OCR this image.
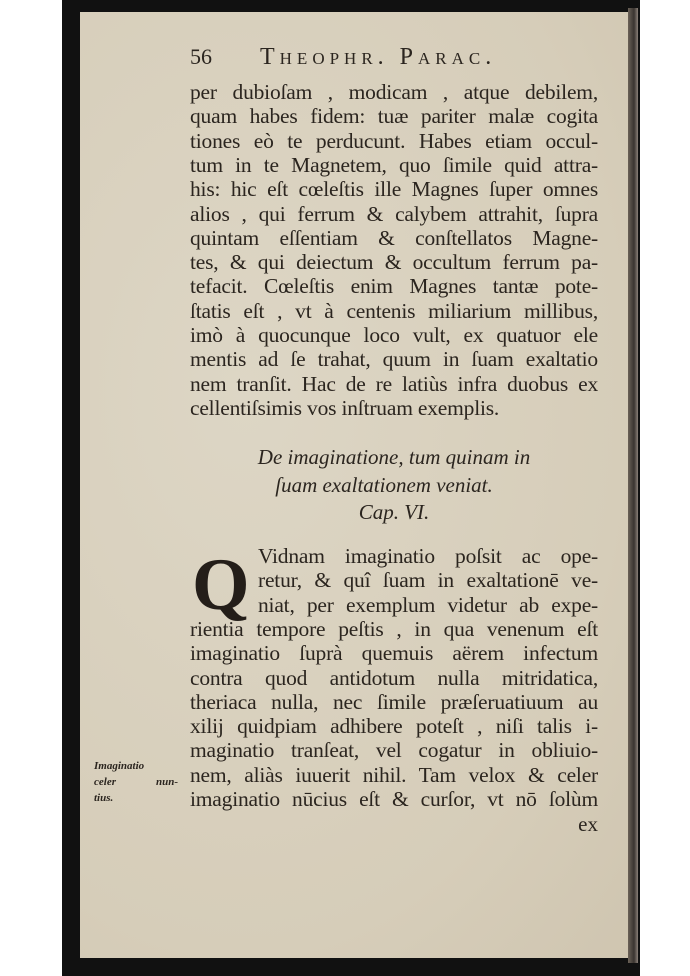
56 Theophr. Parac.
De imaginatione, tum quinam in
ſuam exaltationem veniat.
Cap. VI.
Q
ex
Imaginatio
celer nun-
tius.
per dubioſam , modicam , atque debilem,
quam habes fidem: tuæ pariter malæ cogita
tiones eò te perducunt. Habes etiam occul-
tum in te Magnetem, quo ſimile quid attra-
his: hic eſt cœleſtis ille Magnes ſuper omnes
alios , qui ferrum & calybem attrahit, ſupra
quintam eſſentiam & conſtellatos Magne-
tes, & qui deiectum & occultum ferrum pa-
tefacit. Cœleſtis enim Magnes tantæ pote-
ſtatis eſt , vt à centenis miliarium millibus,
imò à quocunque loco vult, ex quatuor ele
mentis ad ſe trahat, quum in ſuam exaltatio
nem tranſit. Hac de re latiùs infra duobus ex
cellentiſsimis vos inſtruam exemplis.
Vidnam imaginatio poſsit ac ope-
retur, & quî ſuam in exaltationē ve-
niat, per exemplum videtur ab expe-
rientia tempore peſtis , in qua venenum eſt
imaginatio ſuprà quemuis aërem infectum
contra quod antidotum nulla mitridatica,
theriaca nulla, nec ſimile præſeruatiuum au
xilij quidpiam adhibere poteſt , niſi talis i-
maginatio tranſeat, vel cogatur in obliuio-
nem, aliàs iuuerit nihil. Tam velox & celer
imaginatio nūcius eſt & curſor, vt nō ſolùm
